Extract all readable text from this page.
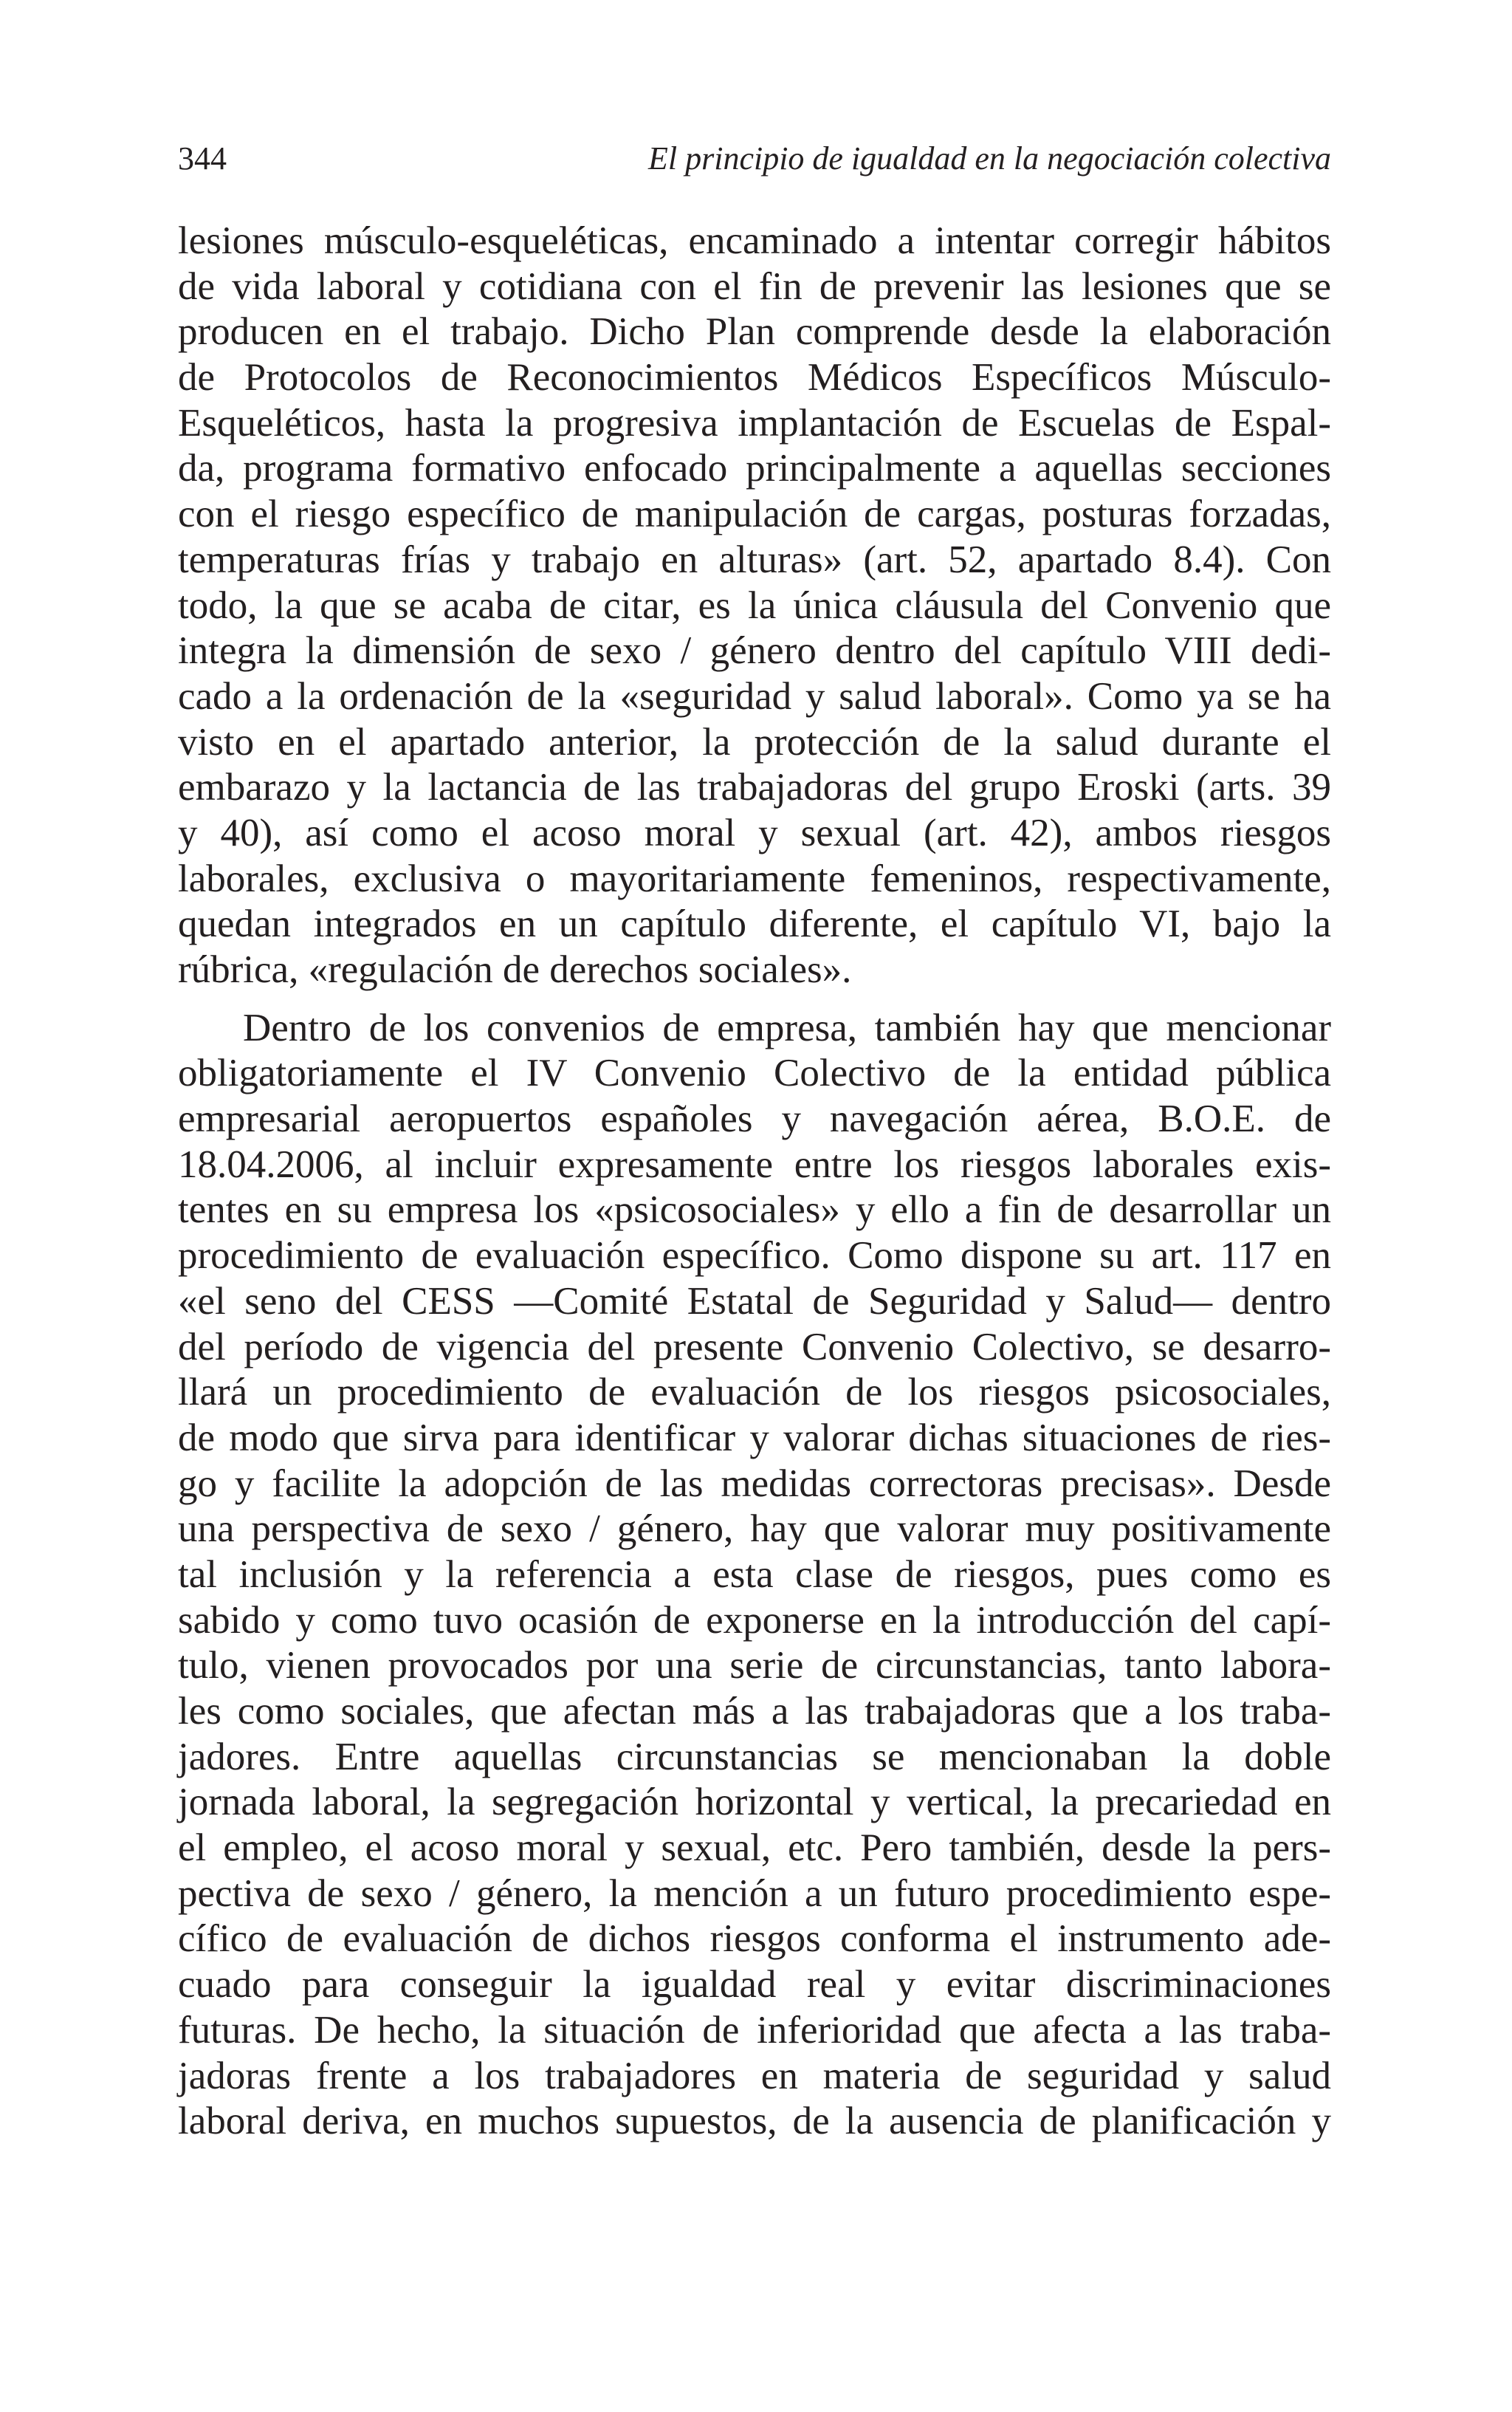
344	El principio de igualdad en la negociación colectiva
lesiones músculo-esqueléticas, encaminado a intentar corregir hábitos
de vida laboral y cotidiana con el fin de prevenir las lesiones que se
producen en el trabajo. Dicho Plan comprende desde la elaboración
de Protocolos de Reconocimientos Médicos Específicos Músculo-
Esqueléticos, hasta la progresiva implantación de Escuelas de Espal-
da, programa formativo enfocado principalmente a aquellas secciones
con el riesgo específico de manipulación de cargas, posturas forzadas,
temperaturas frías y trabajo en alturas» (art. 52, apartado 8.4). Con
todo, la que se acaba de citar, es la única cláusula del Convenio que
integra la dimensión de sexo / género dentro del capítulo VIII dedi-
cado a la ordenación de la «seguridad y salud laboral». Como ya se ha
visto en el apartado anterior, la protección de la salud durante el
embarazo y la lactancia de las trabajadoras del grupo Eroski (arts. 39
y 40), así como el acoso moral y sexual (art. 42), ambos riesgos
laborales, exclusiva o mayoritariamente femeninos, respectivamente,
quedan integrados en un capítulo diferente, el capítulo VI, bajo la
rúbrica, «regulación de derechos sociales».
Dentro de los convenios de empresa, también hay que mencionar
obligatoriamente el IV Convenio Colectivo de la entidad pública
empresarial aeropuertos españoles y navegación aérea, B.O.E. de
18.04.2006, al incluir expresamente entre los riesgos laborales exis-
tentes en su empresa los «psicosociales» y ello a fin de desarrollar un
procedimiento de evaluación específico. Como dispone su art. 117 en
«el seno del CESS —Comité Estatal de Seguridad y Salud— dentro
del período de vigencia del presente Convenio Colectivo, se desarro-
llará un procedimiento de evaluación de los riesgos psicosociales,
de modo que sirva para identificar y valorar dichas situaciones de ries-
go y facilite la adopción de las medidas correctoras precisas». Desde
una perspectiva de sexo / género, hay que valorar muy positivamente
tal inclusión y la referencia a esta clase de riesgos, pues como es
sabido y como tuvo ocasión de exponerse en la introducción del capí-
tulo, vienen provocados por una serie de circunstancias, tanto labora-
les como sociales, que afectan más a las trabajadoras que a los traba-
jadores. Entre aquellas circunstancias se mencionaban la doble
jornada laboral, la segregación horizontal y vertical, la precariedad en
el empleo, el acoso moral y sexual, etc. Pero también, desde la pers-
pectiva de sexo / género, la mención a un futuro procedimiento espe-
cífico de evaluación de dichos riesgos conforma el instrumento ade-
cuado para conseguir la igualdad real y evitar discriminaciones
futuras. De hecho, la situación de inferioridad que afecta a las traba-
jadoras frente a los trabajadores en materia de seguridad y salud
laboral deriva, en muchos supuestos, de la ausencia de planificación y
